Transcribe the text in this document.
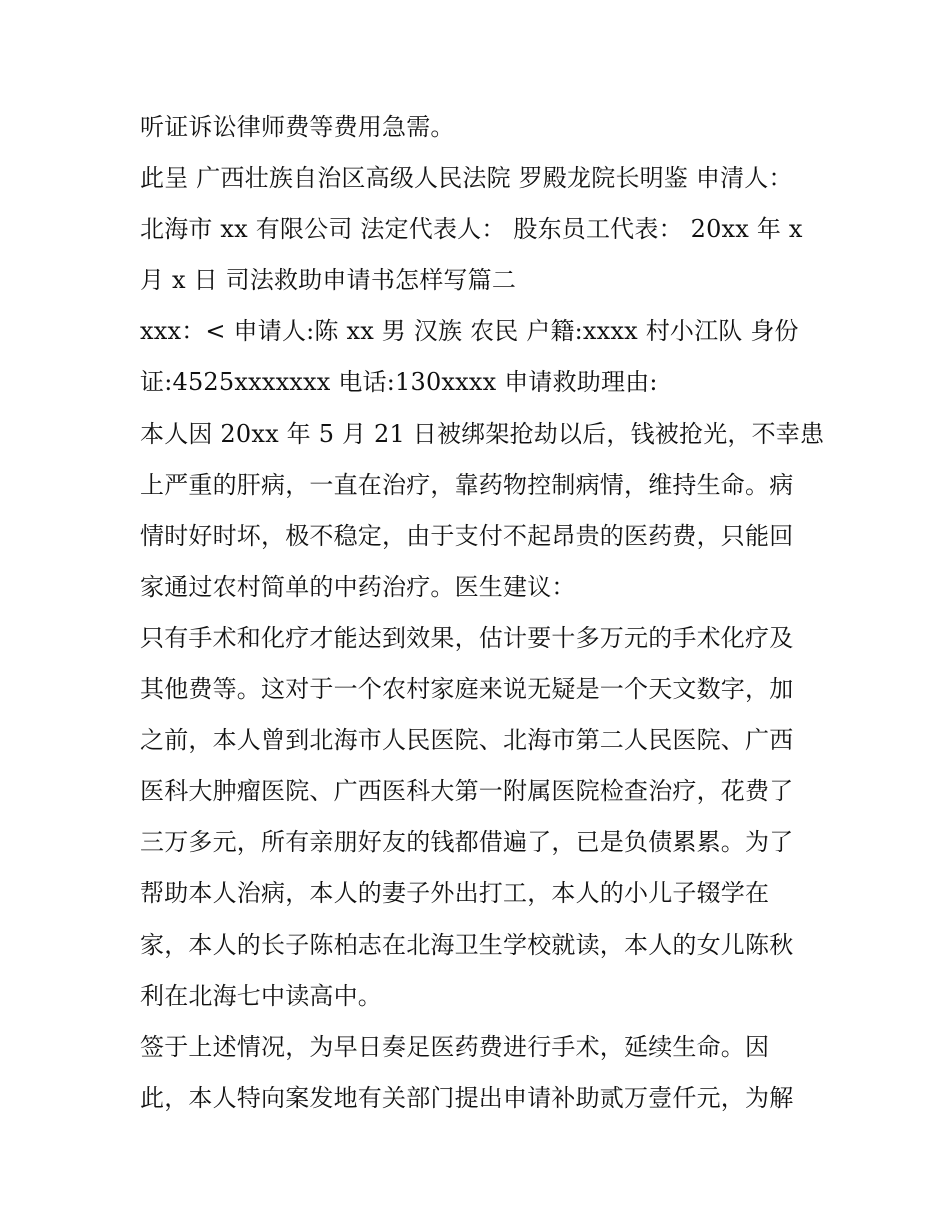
听证诉讼律师费等费用急需。
此呈 广西壮族自治区高级人民法院 罗殿龙院长明鉴 申清人：
北海市 xx 有限公司 法定代表人： 股东员工代表： 20xx 年 x
月 x 日 司法救助申请书怎样写篇二
xxx：< 申请人:陈 xx 男 汉族 农民 户籍:xxxx 村小江队 身份
证:4525xxxxxxx 电话:130xxxx 申请救助理由:
本人因 20xx 年 5 月 21 日被绑架抢劫以后，钱被抢光，不幸患
上严重的肝病，一直在治疗，靠药物控制病情，维持生命。病
情时好时坏，极不稳定，由于支付不起昂贵的医药费，只能回
家通过农村简单的中药治疗。医生建议：
只有手术和化疗才能达到效果，估计要十多万元的手术化疗及
其他费等。这对于一个农村家庭来说无疑是一个天文数字，加
之前，本人曾到北海市人民医院、北海市第二人民医院、广西
医科大肿瘤医院、广西医科大第一附属医院检查治疗，花费了
三万多元，所有亲朋好友的钱都借遍了，已是负债累累。为了
帮助本人治病，本人的妻子外出打工，本人的小儿子辍学在
家，本人的长子陈柏志在北海卫生学校就读，本人的女儿陈秋
利在北海七中读高中。
签于上述情况，为早日奏足医药费进行手术，延续生命。因
此，本人特向案发地有关部门提出申请补助贰万壹仟元，为解
